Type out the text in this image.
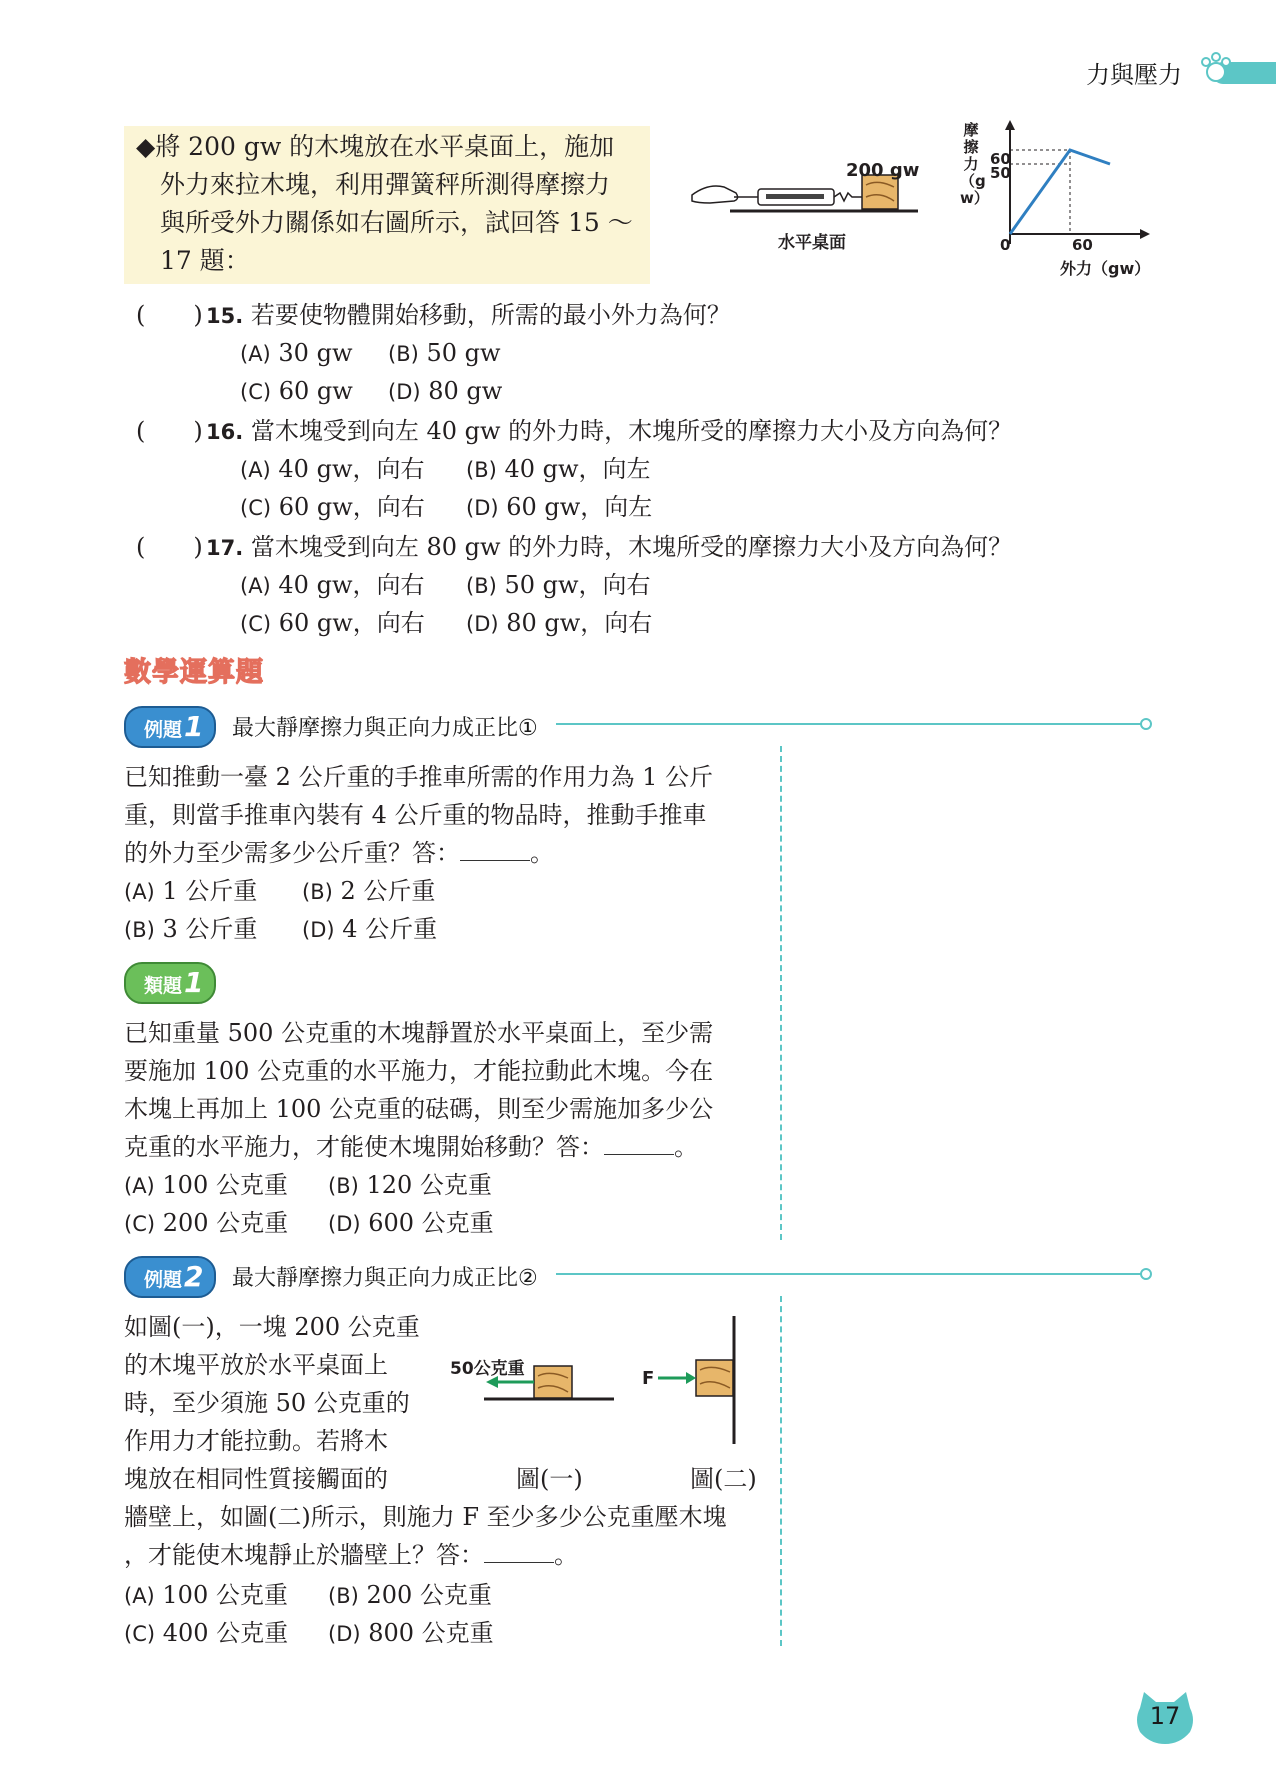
力與壓力
◆將 200 gw 的木塊放在水平桌面上，施加
外力來拉木塊，利用彈簧秤所測得摩擦力
與所受外力關係如右圖所示，試回答 15 ～
17 題：
200 gw
水平桌面
摩擦力（gw）
60
50
0	60
外力（gw）
(　　) 15. 若要使物體開始移動，所需的最小外力為何？
(A) 30 gw (B) 50 gw
(C) 60 gw (D) 80 gw
(　　) 16. 當木塊受到向左 40 gw 的外力時，木塊所受的摩擦力大小及方向為何？
(A) 40 gw，向右 (B) 40 gw，向左
(C) 60 gw，向右 (D) 60 gw，向左
(　　) 17. 當木塊受到向左 80 gw 的外力時，木塊所受的摩擦力大小及方向為何？
(A) 40 gw，向右 (B) 50 gw，向右
(C) 60 gw，向右 (D) 80 gw，向右
數學運算題
例題1	最大靜摩擦力與正向力成正比①
已知推動一臺 2 公斤重的手推車所需的作用力為 1 公斤
重，則當手推車內裝有 4 公斤重的物品時，推動手推車
的外力至少需多少公斤重？答：	。
(A) 1 公斤重 (B) 2 公斤重
(B) 3 公斤重 (D) 4 公斤重
類題1
已知重量 500 公克重的木塊靜置於水平桌面上，至少需
要施加 100 公克重的水平施力，才能拉動此木塊。今在
木塊上再加上 100 公克重的砝碼，則至少需施加多少公
克重的水平施力，才能使木塊開始移動？答：	。
(A) 100 公克重 (B) 120 公克重
(C) 200 公克重 (D) 600 公克重
例題2	最大靜摩擦力與正向力成正比②
如圖(一)，一塊 200 公克重
的木塊平放於水平桌面上
時，至少須施 50 公克重的
作用力才能拉動。若將木
塊放在相同性質接觸面的
牆壁上，如圖(二)所示，則施力 F 至少多少公克重壓木塊
，才能使木塊靜止於牆壁上？答：	。
50公克重	F
圖(一)	圖(二)
(A) 100 公克重 (B) 200 公克重
(C) 400 公克重 (D) 800 公克重
17
